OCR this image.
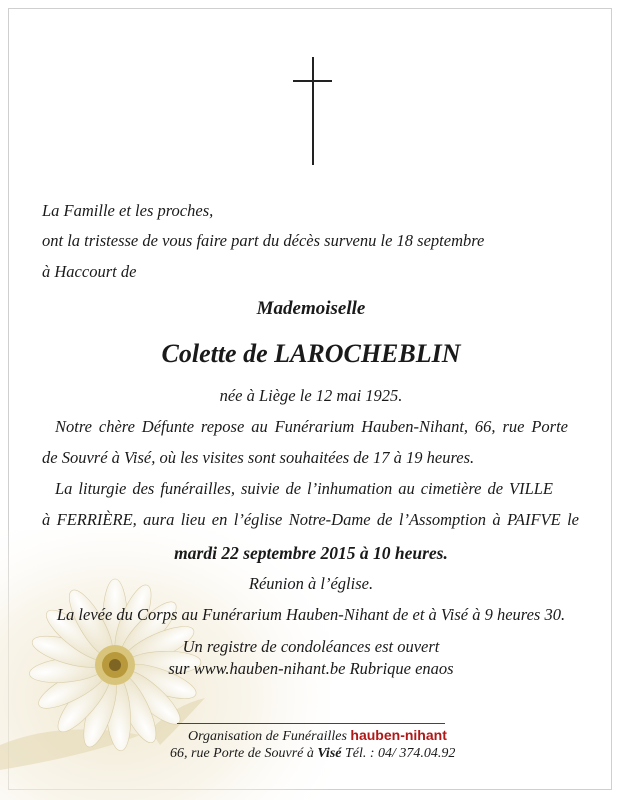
La Famille et les proches,
ont la tristesse de vous faire part du décès survenu le 18 septembre
à Haccourt de
Mademoiselle
Colette de LAROCHEBLIN
née à Liège le 12 mai 1925.
Notre chère Défunte repose au Funérarium Hauben-Nihant, 66, rue Porte
de Souvré à Visé, où les visites sont souhaitées de 17 à 19 heures.
La liturgie des funérailles, suivie de l’inhumation au cimetière de VILLE
à FERRIÈRE, aura lieu en l’église Notre-Dame de l’Assomption à PAIFVE le
mardi 22 septembre 2015 à 10 heures.
Réunion à l’église.
La levée du Corps au Funérarium Hauben-Nihant de et à Visé à 9 heures 30.
Un registre de condoléances est ouvert
sur www.hauben-nihant.be Rubrique enaos
Organisation de Funérailles hauben-nihant
66, rue Porte de Souvré à Visé Tél. : 04/ 374.04.92
